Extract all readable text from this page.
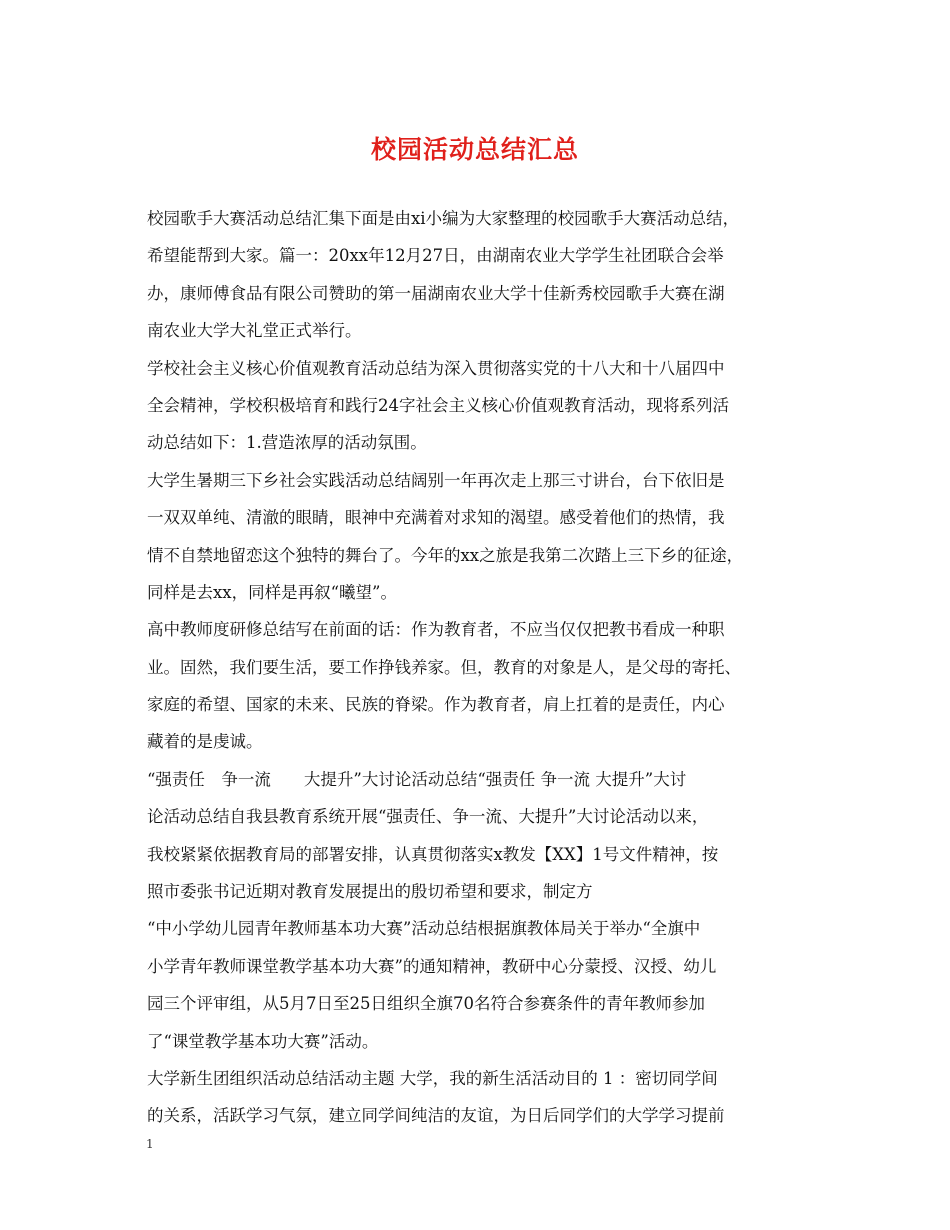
校园活动总结汇总
校园歌手大赛活动总结汇集下面是由xi小编为大家整理的校园歌手大赛活动总结，
希望能帮到大家。篇一：20xx年12月27日，由湖南农业大学学生社团联合会举
办，康师傅食品有限公司赞助的第一届湖南农业大学十佳新秀校园歌手大赛在湖
南农业大学大礼堂正式举行。
学校社会主义核心价值观教育活动总结为深入贯彻落实党的十八大和十八届四中
全会精神，学校积极培育和践行24字社会主义核心价值观教育活动，现将系列活
动总结如下：1.营造浓厚的活动氛围。
大学生暑期三下乡社会实践活动总结阔别一年再次走上那三寸讲台，台下依旧是
一双双单纯、清澈的眼睛，眼神中充满着对求知的渴望。感受着他们的热情，我
情不自禁地留恋这个独特的舞台了。今年的xx之旅是我第二次踏上三下乡的征途，
同样是去xx，同样是再叙“曦望”。
高中教师度研修总结写在前面的话：作为教育者，不应当仅仅把教书看成一种职
业。固然，我们要生活，要工作挣钱养家。但，教育的对象是人，是父母的寄托、
家庭的希望、国家的未来、民族的脊梁。作为教育者，肩上扛着的是责任，内心
藏着的是虔诚。
“强责任　争一流　　大提升”大讨论活动总结“强责任 争一流 大提升”大讨
论活动总结自我县教育系统开展“强责任、争一流、大提升”大讨论活动以来，
我校紧紧依据教育局的部署安排，认真贯彻落实x教发【XX】1号文件精神，按
照市委张书记近期对教育发展提出的殷切希望和要求，制定方
“中小学幼儿园青年教师基本功大赛”活动总结根据旗教体局关于举办“全旗中
小学青年教师课堂教学基本功大赛”的通知精神，教研中心分蒙授、汉授、幼儿
园三个评审组，从5月7日至25日组织全旗70名符合参赛条件的青年教师参加
了“课堂教学基本功大赛”活动。
大学新生团组织活动总结活动主题 大学，我的新生活活动目的 1 ：密切同学间
的关系，活跃学习气氛，建立同学间纯洁的友谊，为日后同学们的大学学习提前
1
